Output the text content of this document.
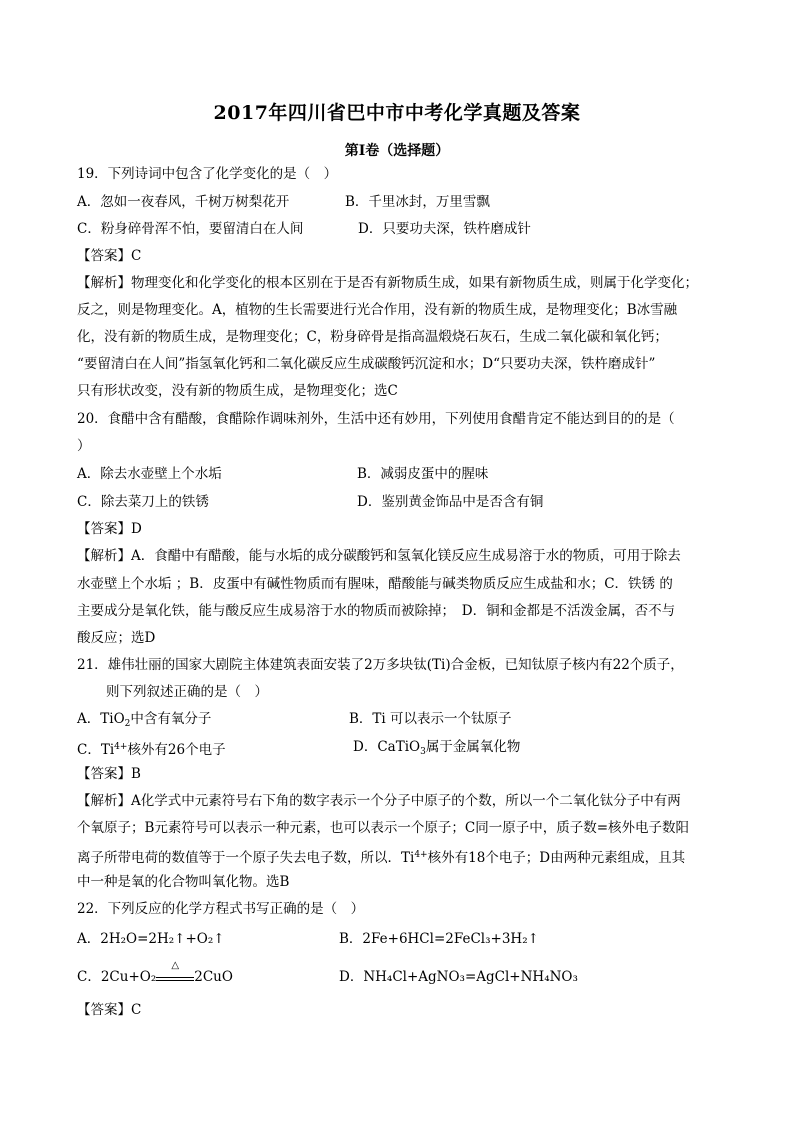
2017年四川省巴中市中考化学真题及答案
第I卷（选择题）
19．下列诗词中包含了化学变化的是（　）
A．忽如一夜春风，千树万树梨花开	B．千里冰封，万里雪飘
C．粉身碎骨浑不怕，要留清白在人间	D．只要功夫深，铁杵磨成针
【答案】C
【解析】物理变化和化学变化的根本区别在于是否有新物质生成，如果有新物质生成，则属于化学变化；
反之，则是物理变化。A，植物的生长需要进行光合作用，没有新的物质生成，是物理变化；B冰雪融
化，没有新的物质生成，是物理变化；C，粉身碎骨是指高温煅烧石灰石，生成二氧化碳和氧化钙；
“要留清白在人间”指氢氧化钙和二氧化碳反应生成碳酸钙沉淀和水；D“只要功夫深，铁杵磨成针”
只有形状改变，没有新的物质生成，是物理变化；选C
20．食醋中含有醋酸，食醋除作调味剂外，生活中还有妙用，下列使用食醋肯定不能达到目的的是（
）
A．除去水壶壁上个水垢	B．减弱皮蛋中的腥味
C．除去菜刀上的铁锈	D．鉴别黄金饰品中是否含有铜
【答案】D
【解析】A．食醋中有醋酸，能与水垢的成分碳酸钙和氢氧化镁反应生成易溶于水的物质，可用于除去
水壶壁上个水垢 ；B．皮蛋中有碱性物质而有腥味，醋酸能与碱类物质反应生成盐和水；C．铁锈 的
主要成分是氧化铁，能与酸反应生成易溶于水的物质而被除掉；　D．铜和金都是不活泼金属，否不与
酸反应；选D
21．雄伟壮丽的国家大剧院主体建筑表面安装了2万多块钛(Ti)合金板，已知钛原子核内有22个质子，
则下列叙述正确的是（　）
A．TiO$_2$中含有氧分子	B．Ti 可以表示一个钛原子
C．$Ti^{4+}$核外有26个电子	D．CaTiO$_3$属于金属氧化物
【答案】B
【解析】A化学式中元素符号右下角的数字表示一个分子中原子的个数，所以一个二氧化钛分子中有两
个氧原子；B元素符号可以表示一种元素，也可以表示一个原子；C同一原子中，质子数=核外电子数阳
离子所带电荷的数值等于一个原子失去电子数，所以．$Ti^{4+}$核外有18个电子；D由两种元素组成，且其
中一种是氧的化合物叫氧化物。选B
22．下列反应的化学方程式书写正确的是（　）
A．2H₂O=2H₂↑+O₂↑	B．2Fe+6HCl=2FeCl₃+3H₂↑
C．2Cu+O₂
△
2CuO	D．NH₄Cl+AgNO₃=AgCl+NH₄NO₃
【答案】C
